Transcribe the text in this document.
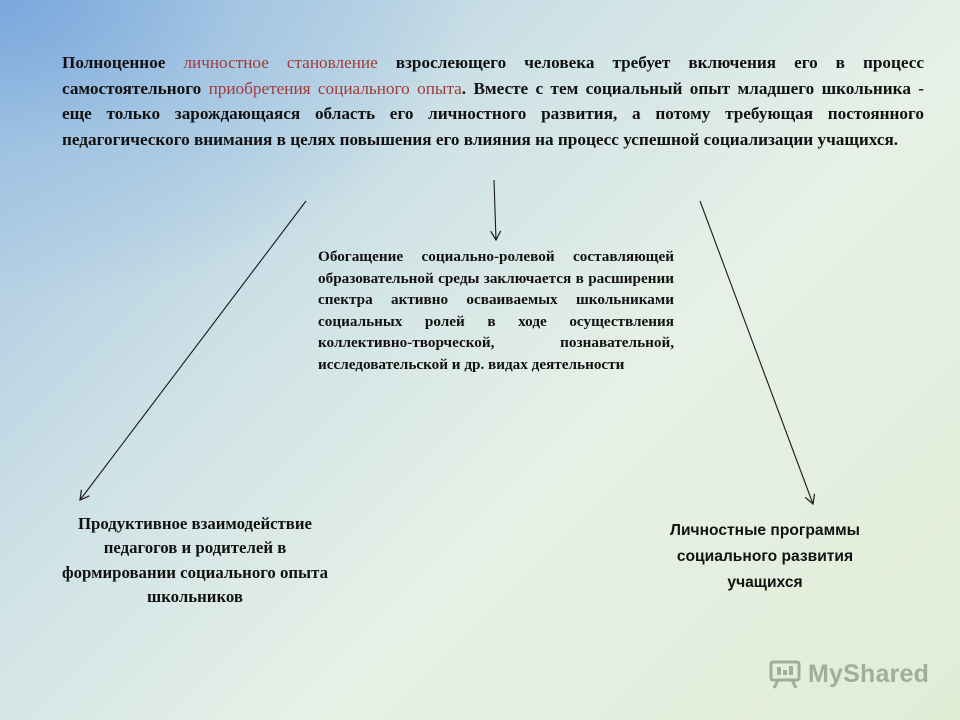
Полноценное личностное становление взрослеющего человека требует включения его в процесс самостоятельного приобретения социального опыта. Вместе с тем социальный опыт младшего школьника - еще только зарождающаяся область его личностного развития, а потому требующая постоянного педагогического внимания в целях повышения его влияния на процесс успешной социализации учащихся.

Обогащение социально-ролевой составляющей образовательной среды заключается в расширении спектра активно осваиваемых школьниками социальных ролей в ходе осуществления коллективно-творческой, познавательной, исследовательской и др. видах деятельности

Продуктивное взаимодействие педагогов и родителей в формировании социального опыта школьников

Личностные программы социального развития учащихся

MyShared
